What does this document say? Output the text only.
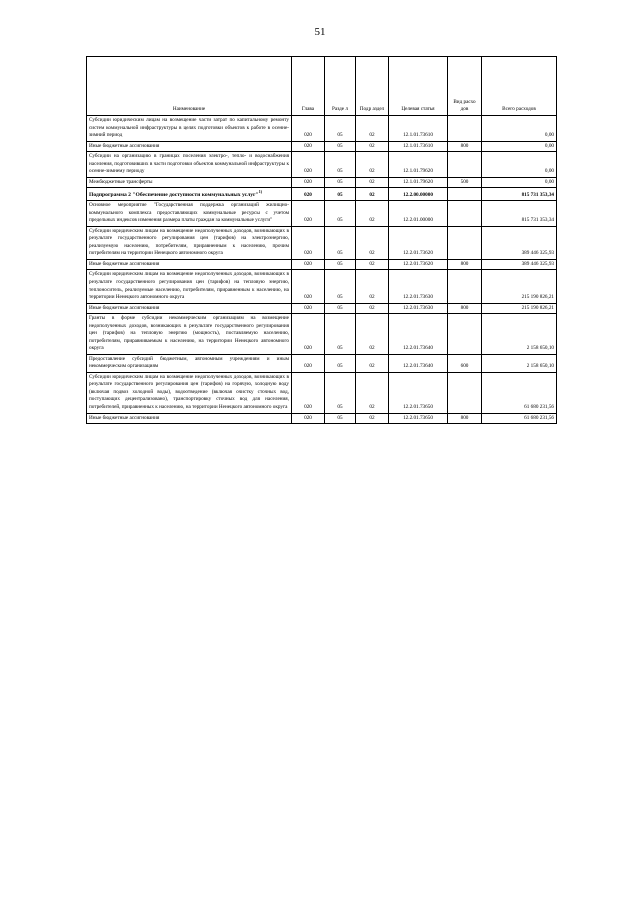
51
Наименование	Глава	Разде л	Подр аздел	Целевая статья	Вид расхо дов	Всего расходов
Субсидии юридическим лицам на возмещение части затрат по капитальному ремонту систем коммунальной инфраструктуры в целях подготовки объектов к работе в осенне-зимний период	020	05	02	12.1.01.73610		0,00
Иные бюджетные ассигнования	020	05	02	12.1.01.73610	800	0,00
Субсидии на организацию в границах поселения электро-, тепло- и водоснабжения населения, подготовивших в части подготовки объектов коммунальной инфраструктуры к осенне-зимнему периоду	020	05	02	12.1.01.79620		0,00
Межбюджетные трансферты	020	05	02	12.1.01.79620	500	0,00
Подпрограмма 2 "Обеспечение доступности коммунальных услуг"$^{1)}$	020	05	02	12.2.00.00000		815 731 353,34
Основное мероприятие "Государственная поддержка организаций жилищно-коммунального комплекса предоставляющих коммунальные ресурсы с учетом предельных индексов изменения размера платы граждан за коммунальные услуги"	020	05	02	12.2.01.00000		815 731 353,34
Субсидии юридическим лицам на возмещение недополученных доходов, возникающих в результате государственного регулирования цен (тарифов) на электроэнергию, реализуемую населению, потребителям, приравненным к населению, прочим потребителям на территории Ненецкого автономного округа	020	05	02	12.2.01.73620		389 446 325,93
Иные бюджетные ассигнования	020	05	02	12.2.01.73620	800	389 446 325,93
Субсидии юридическим лицам на возмещение недополученных доходов, возникающих в результате государственного регулирования цен (тарифов) на тепловую энергию, теплоноситель, реализуемые населению, потребителям, приравненным к населению, на территории Ненецкого автономного округа	020	05	02	12.2.01.73630		215 190 826,21
Иные бюджетные ассигнования	020	05	02	12.2.01.73630	800	215 190 826,21
Гранты в форме субсидии некоммерческим организациям на возмещение недополученных доходов, возникающих в результате государственного регулирования цен (тарифов) на тепловую энергию (мощность), поставляемую населению, потребителям, приравниваемым к населению, на территории Ненецкого автономного округа	020	05	02	12.2.01.73640		2 158 650,10
Предоставление субсидий бюджетным, автономным учреждениям и иным некоммерческим организациям	020	05	02	12.2.01.73640	600	2 158 650,10
Субсидии юридическим лицам на возмещение недополученных доходов, возникающих в результате государственного регулирования цен (тарифов) на горячую, холодную воду (включая подвоз холодной воды), водоотведение (включая очистку сточных вод, поступающих децентрализовано), транспортировку сточных вод для населения, потребителей, приравненных к населению, на территории Ненецкого автономного округа	020	05	02	12.2.01.73650		61 680 231,56
Иные бюджетные ассигнования	020	05	02	12.2.01.73650	800	61 680 231,56
